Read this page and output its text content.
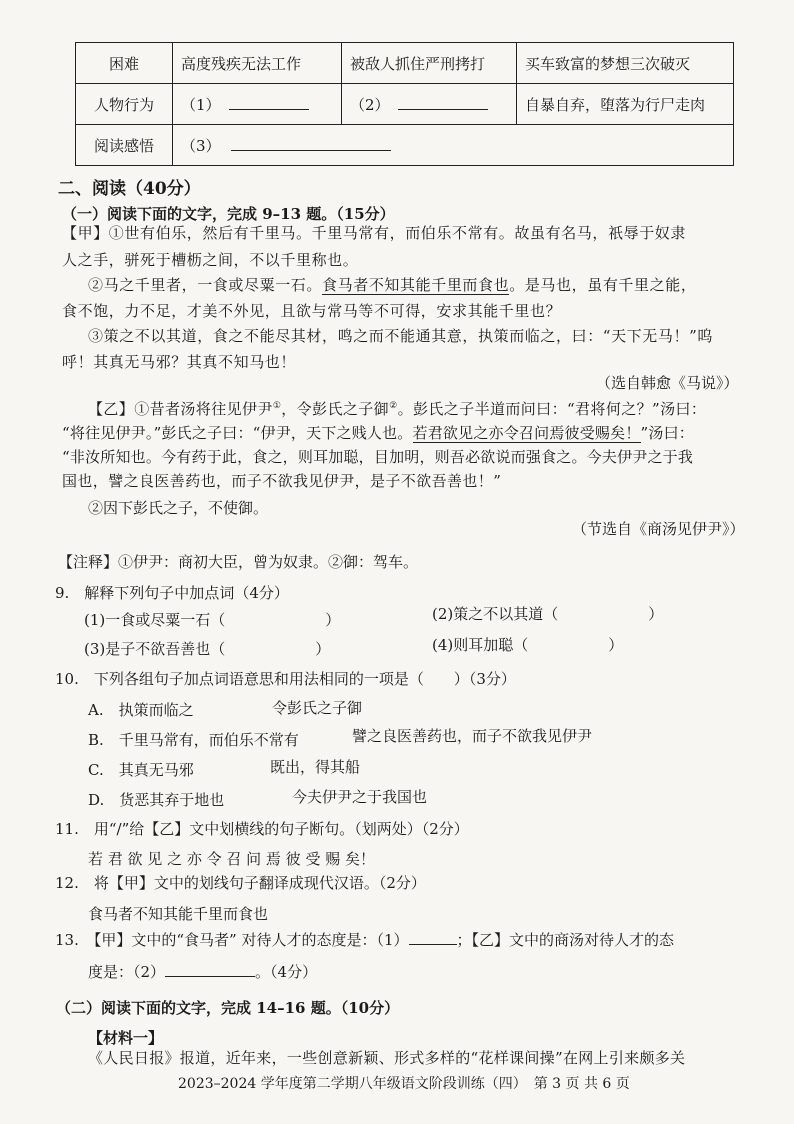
困难	高度残疾无法工作	被敌人抓住严刑拷打	买车致富的梦想三次破灭
人物行为	（1）	（2）	自暴自弃，堕落为行尸走肉
阅读感悟	（3）		
二、阅读（40分）
（一）阅读下面的文字，完成 9–13 题。（15分）
【甲】①世有伯乐，然后有千里马。千里马常有，而伯乐不常有。故虽有名马，祇辱于奴隶
人之手，骈死于槽枥之间，不以千里称也。
②马之千里者，一食或尽粟一石。食马者不知其能千里而食也。是马也，虽有千里之能，
食不饱，力不足，才美不外见，且欲与常马等不可得，安求其能千里也？
③策之不以其道，食之不能尽其材，鸣之而不能通其意，执策而临之，曰：“天下无马！”呜
呼！其真无马邪？其真不知马也！
（选自韩愈《马说》）
【乙】①昔者汤将往见伊尹①，令彭氏之子御②。彭氏之子半道而问曰：“君将何之？”汤曰：
“将往见伊尹。”彭氏之子曰：“伊尹，天下之贱人也。若君欲见之亦令召问焉彼受赐矣！”汤曰：
“非汝所知也。今有药于此，食之，则耳加聪，目加明，则吾必欲说而强食之。今夫伊尹之于我
国也，譬之良医善药也，而子不欲我见伊尹，是子不欲吾善也！”
②因下彭氏之子，不使御。
（节选自《商汤见伊尹》）
【注释】①伊尹：商初大臣，曾为奴隶。②御：驾车。
9.　解释下列句子中加点词（4分）
(1)一食或尽粟一石（	）	(2)策之不以其道（	）
(3)是子不欲吾善也（	）	(4)则耳加聪（	）
10.　下列各组句子加点词语意思和用法相同的一项是（　　）（3分）
A.　执策而临之	令彭氏之子御
B.　千里马常有，而伯乐不常有	譬之良医善药也，而子不欲我见伊尹
C.　其真无马邪	既出，得其船
D.　货恶其弃于地也	今夫伊尹之于我国也
11.　用“/”给【乙】文中划横线的句子断句。（划两处）（2分）
若 君 欲 见 之 亦 令 召 问 焉 彼 受 赐 矣！
12.　将【甲】文中的划线句子翻译成现代汉语。（2分）
食马者不知其能千里而食也
13.　【甲】文中的“食马者” 对待人才的态度是：（1）	；【乙】文中的商汤对待人才的态
度是：（2）	。（4分）
（二）阅读下面的文字，完成 14–16 题。（10分）
【材料一】
《人民日报》报道，近年来，一些创意新颖、形式多样的“花样课间操”在网上引来颇多关
2023–2024 学年度第二学期八年级语文阶段训练（四）　第 3 页 共 6 页
